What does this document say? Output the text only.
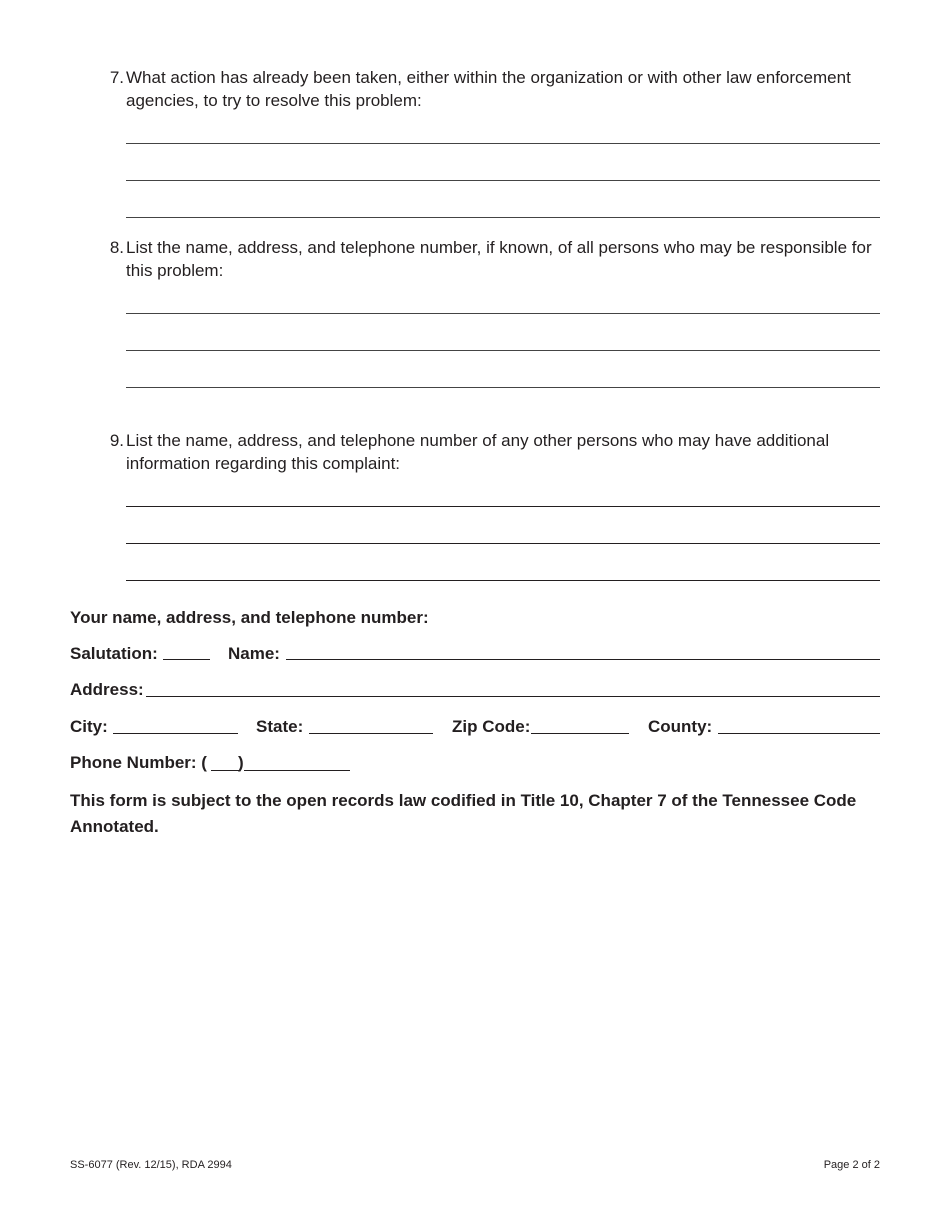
7. What action has already been taken, either within the organization or with other law enforcement agencies, to try to resolve this problem:
8. List the name, address, and telephone number, if known, of all persons who may be responsible for this problem:
9. List the name, address, and telephone number of any other persons who may have additional information regarding this complaint:
Your name, address, and telephone number:
Salutation:	Name:
Address:
City:	State:	Zip Code:	County:
Phone Number: ( )
This form is subject to the open records law codified in Title 10, Chapter 7 of the Tennessee Code Annotated.
SS-6077 (Rev. 12/15), RDA 2994	Page 2 of 2
